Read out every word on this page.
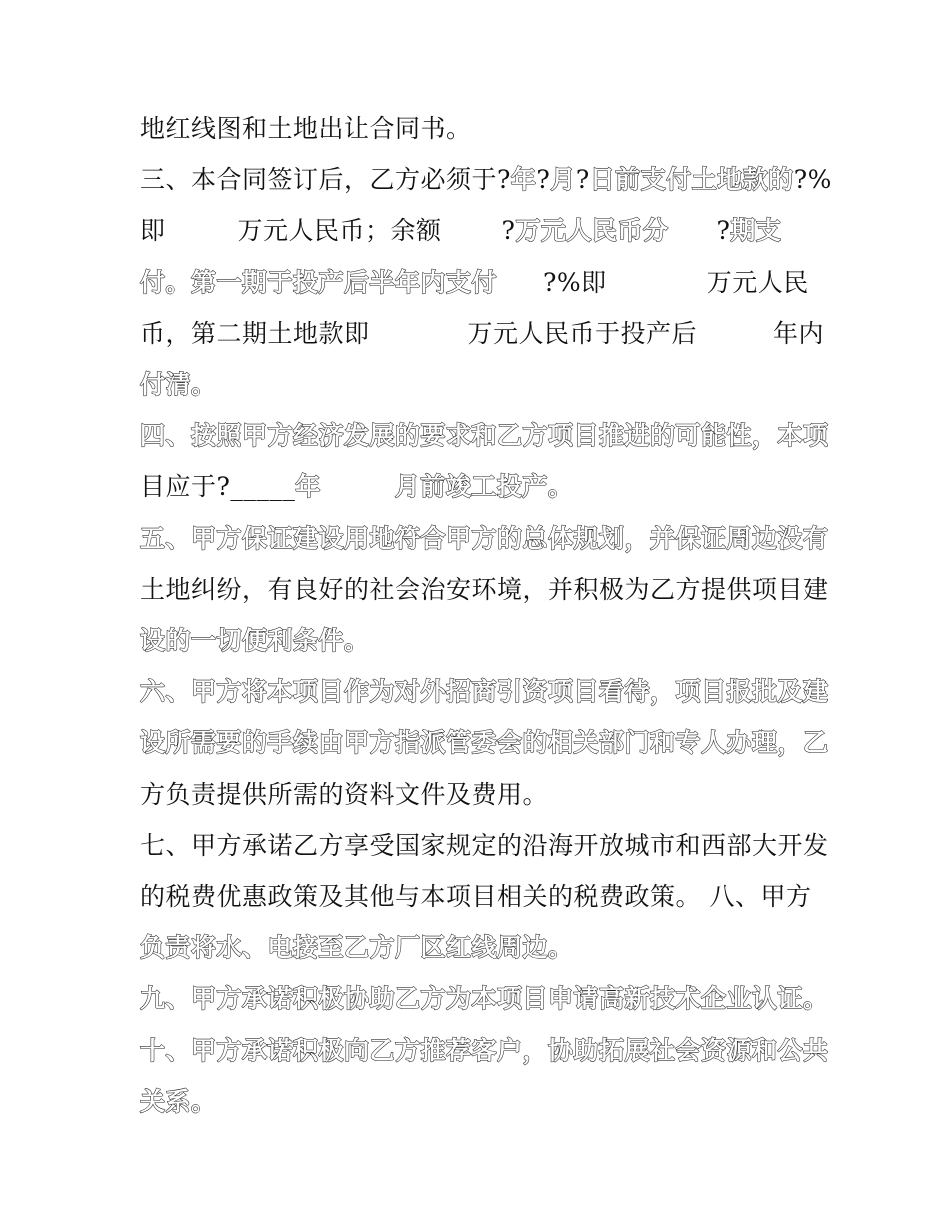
地红线图和土地出让合同书。
三、本合同签订后，乙方必须于?年?月?日前支付土地款的?%
即	万元人民币；余额 ?万元人民币分 ?期支
付。第一期于投产后半年内支付 ?%即	万元人民
币，第二期土地款即	万元人民币于投产后	年内
付清。
四、按照甲方经济发展的要求和乙方项目推进的可能性，本项
目应于?_____年	月前竣工投产。
五、甲方保证建设用地符合甲方的总体规划，并保证周边没有
土地纠纷，有良好的社会治安环境，并积极为乙方提供项目建
设的一切便利条件。
六、甲方将本项目作为对外招商引资项目看待，项目报批及建
设所需要的手续由甲方指派管委会的相关部门和专人办理，乙
方负责提供所需的资料文件及费用。
七、甲方承诺乙方享受国家规定的沿海开放城市和西部大开发
的税费优惠政策及其他与本项目相关的税费政策。 八、甲方
负责将水、电接至乙方厂区红线周边。
九、甲方承诺积极协助乙方为本项目申请高新技术企业认证。
十、甲方承诺积极向乙方推荐客户，协助拓展社会资源和公共
关系。
